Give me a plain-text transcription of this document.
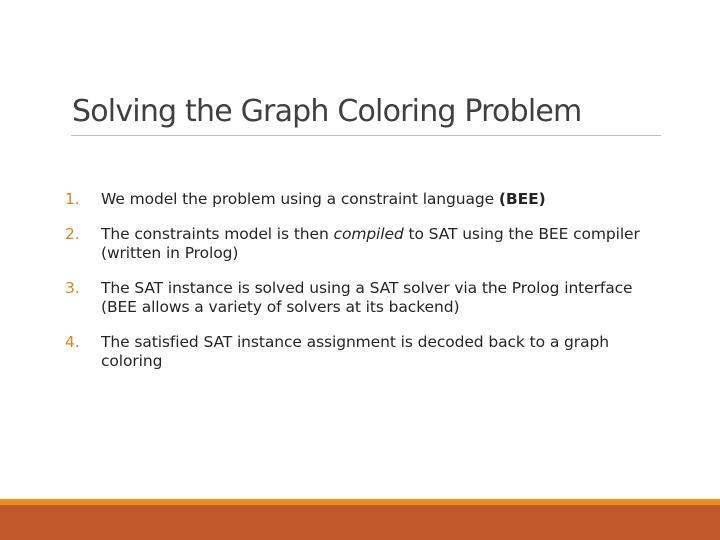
Solving the Graph Coloring Problem
1. We model the problem using a constraint language (BEE)
2. The constraints model is then compiled to SAT using the BEE compiler (written in Prolog)
3. The SAT instance is solved using a SAT solver via the Prolog interface (BEE allows a variety of solvers at its backend)
4. The satisfied SAT instance assignment is decoded back to a graph coloring
